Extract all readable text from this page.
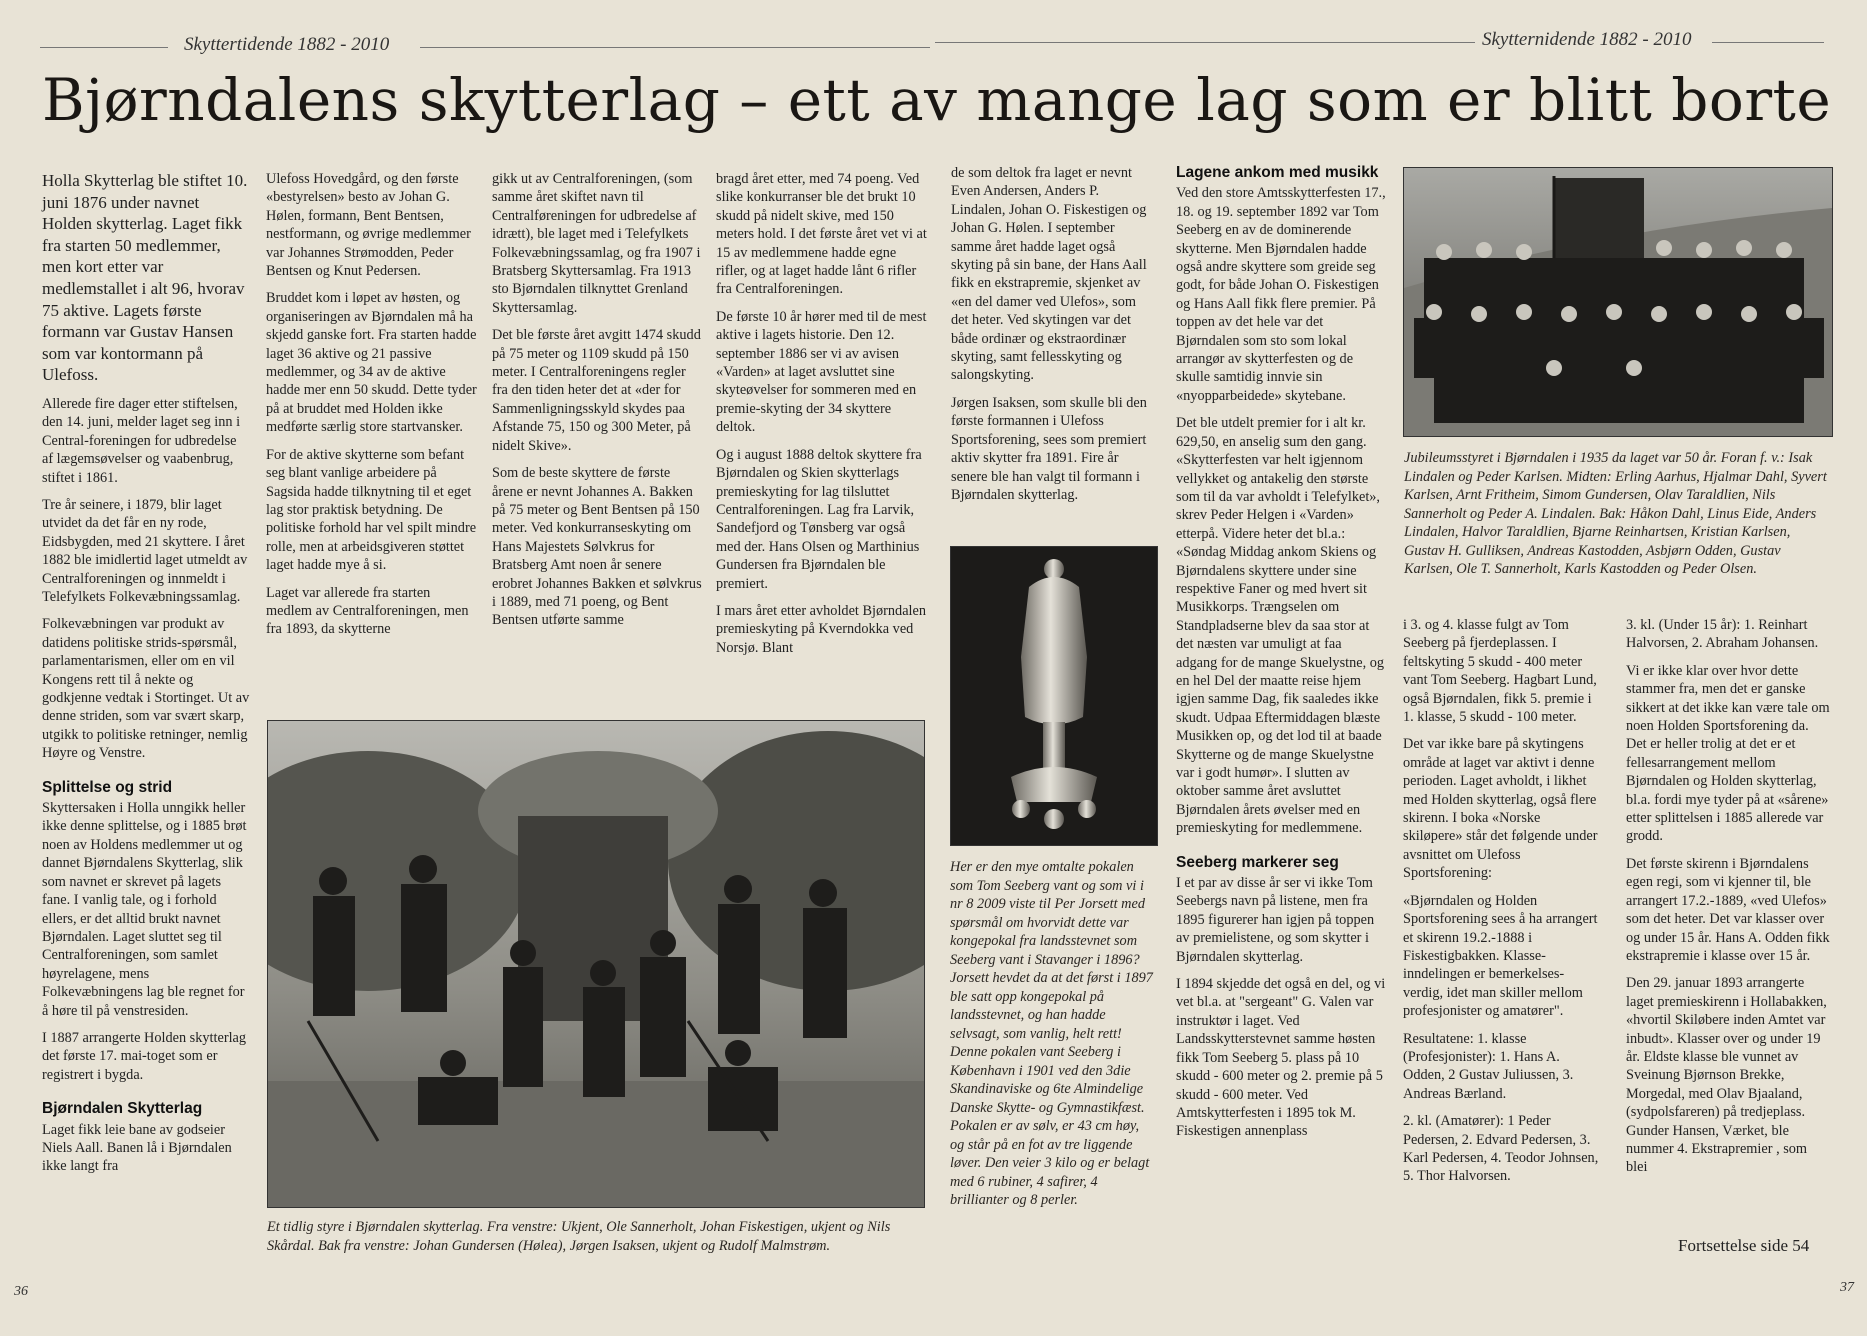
Skyttertidende 1882 - 2010	Skytternidende 1882 - 2010
Bjørndalens skytterlag – ett av mange lag som er blitt borte

Holla Skytterlag ble stiftet 10. juni 1876 under navnet Holden skytterlag. Laget fikk fra starten 50 medlemmer, men kort etter var medlemstallet i alt 96, hvorav 75 aktive. Lagets første formann var Gustav Hansen som var kontormann på Ulefoss.

Allerede fire dager etter stiftelsen, den 14. juni, melder laget seg inn i Central-foreningen for udbredelse af lægemsøvelser og vaabenbrug, stiftet i 1861.

Tre år seinere, i 1879, blir laget utvidet da det får en ny rode, Eidsbygden, med 21 skyttere. I året 1882 ble imidlertid laget utmeldt av Centralforeningen og innmeldt i Telefylkets Folkevæbningssamlag.

Folkevæbningen var produkt av datidens politiske strids-spørsmål, parlamentarismen, eller om en vil Kongens rett til å nekte og godkjenne vedtak i Stortinget. Ut av denne striden, som var svært skarp, utgikk to politiske retninger, nemlig Høyre og Venstre.

Splittelse og strid

Skyttersaken i Holla unngikk heller ikke denne splittelse, og i 1885 brøt noen av Holdens medlemmer ut og dannet Bjørndalens Skytterlag, slik som navnet er skrevet på lagets fane. I vanlig tale, og i forhold ellers, er det alltid brukt navnet Bjørndalen. Laget sluttet seg til Centralforeningen, som samlet høyrelagene, mens Folkevæbningens lag ble regnet for å høre til på venstresiden.

I 1887 arrangerte Holden skytterlag det første 17. mai-toget som er registrert i bygda.

Bjørndalen Skytterlag

Laget fikk leie bane av godseier Niels Aall. Banen lå i Bjørndalen ikke langt fra

Ulefoss Hovedgård, og den første «bestyrelsen» besto av Johan G. Hølen, formann, Bent Bentsen, nestformann, og øvrige medlemmer var Johannes Strømodden, Peder Bentsen og Knut Pedersen.

Bruddet kom i løpet av høsten, og organiseringen av Bjørndalen må ha skjedd ganske fort. Fra starten hadde laget 36 aktive og 21 passive medlemmer, og 34 av de aktive hadde mer enn 50 skudd. Dette tyder på at bruddet med Holden ikke medførte særlig store startvansker.

For de aktive skytterne som befant seg blant vanlige arbeidere på Sagsida hadde tilknytning til et eget lag stor praktisk betydning. De politiske forhold har vel spilt mindre rolle, men at arbeidsgiveren støttet laget hadde mye å si.

Laget var allerede fra starten medlem av Centralforeningen, men fra 1893, da skytterne

gikk ut av Centralforeningen, (som samme året skiftet navn til Centralføreningen for udbredelse af idrætt), ble laget med i Telefylkets Folkevæbningssamlag, og fra 1907 i Bratsberg Skyttersamlag. Fra 1913 sto Bjørndalen tilknyttet Grenland Skyttersamlag.

Det ble første året avgitt 1474 skudd på 75 meter og 1109 skudd på 150 meter. I Centralforeningens regler fra den tiden heter det at «der for Sammenligningsskyld skydes paa Afstande 75, 150 og 300 Meter, på nidelt Skive».

Som de beste skyttere de første årene er nevnt Johannes A. Bakken på 75 meter og Bent Bentsen på 150 meter. Ved konkurranseskyting om Hans Majestets Sølvkrus for Bratsberg Amt noen år senere erobret Johannes Bakken et sølvkrus i 1889, med 71 poeng, og Bent Bentsen utførte samme

bragd året etter, med 74 poeng. Ved slike konkurranser ble det brukt 10 skudd på nidelt skive, med 150 meters hold. I det første året vet vi at 15 av medlemmene hadde egne rifler, og at laget hadde lånt 6 rifler fra Centralforeningen.

De første 10 år hører med til de mest aktive i lagets historie. Den 12. september 1886 ser vi av avisen «Varden» at laget avsluttet sine skyteøvelser for sommeren med en premie-skyting der 34 skyttere deltok.

Og i august 1888 deltok skyttere fra Bjørndalen og Skien skytterlags premieskyting for lag tilsluttet Centralforeningen. Lag fra Larvik, Sandefjord og Tønsberg var også med der. Hans Olsen og Marthinius Gundersen fra Bjørndalen ble premiert.

I mars året etter avholdet Bjørndalen premieskyting på Kverndokka ved Norsjø. Blant

Et tidlig styre i Bjørndalen skytterlag. Fra venstre: Ukjent, Ole Sannerholt, Johan Fiskestigen, ukjent og Nils Skårdal. Bak fra venstre: Johan Gundersen (Hølea), Jørgen Isaksen, ukjent og Rudolf Malmstrøm.

de som deltok fra laget er nevnt Even Andersen, Anders P. Lindalen, Johan O. Fiskestigen og Johan G. Hølen. I september samme året hadde laget også skyting på sin bane, der Hans Aall fikk en ekstrapremie, skjenket av «en del damer ved Ulefos», som det heter. Ved skytingen var det både ordinær og ekstraordinær skyting, samt fellesskyting og salongskyting.

Jørgen Isaksen, som skulle bli den første formannen i Ulefoss Sportsforening, sees som premiert aktiv skytter fra 1891. Fire år senere ble han valgt til formann i Bjørndalen skytterlag.

Her er den mye omtalte pokalen som Tom Seeberg vant og som vi i nr 8 2009 viste til Per Jorsett med spørsmål om hvorvidt dette var kongepokal fra landsstevnet som Seeberg vant i Stavanger i 1896? Jorsett hevdet da at det først i 1897 ble satt opp kongepokal på landsstevnet, og han hadde selvsagt, som vanlig, helt rett! Denne pokalen vant Seeberg i København i 1901 ved den 3die Skandinaviske og 6te Almindelige Danske Skytte- og Gymnastikfæst. Pokalen er av sølv, er 43 cm høy, og står på en fot av tre liggende løver. Den veier 3 kilo og er belagt med 6 rubiner, 4 safirer, 4 brillianter og 8 perler.
Lagene ankom med musikk

Ved den store Amtsskytterfesten 17., 18. og 19. september 1892 var Tom Seeberg en av de dominerende skytterne. Men Bjørndalen hadde også andre skyttere som greide seg godt, for både Johan O. Fiskestigen og Hans Aall fikk flere premier. På toppen av det hele var det Bjørndalen som sto som lokal arrangør av skytterfesten og de skulle samtidig innvie sin «nyopparbeidede» skytebane.

Det ble utdelt premier for i alt kr. 629,50, en anselig sum den gang. «Skytterfesten var helt igjennom vellykket og antakelig den største som til da var avholdt i Telefylket», skrev Peder Helgen i «Varden» etterpå. Videre heter det bl.a.: «Søndag Middag ankom Skiens og Bjørndalens skyttere under sine respektive Faner og med hvert sit Musikkorps. Trængselen om Standpladserne blev da saa stor at det næsten var umuligt at faa adgang for de mange Skuelystne, og en hel Del der maatte reise hjem igjen samme Dag, fik saaledes ikke skudt. Udpaa Eftermiddagen blæste Musikken op, og det lod til at baade Skytterne og de mange Skuelystne var i godt humør». I slutten av oktober samme året avsluttet Bjørndalen årets øvelser med en premieskyting for medlemmene.

Seeberg markerer seg

I et par av disse år ser vi ikke Tom Seebergs navn på listene, men fra 1895 figurerer han igjen på toppen av premielistene, og som skytter i Bjørndalen skytterlag.

I 1894 skjedde det også en del, og vi vet bl.a. at "sergeant" G. Valen var instruktør i laget. Ved Landsskytterstevnet samme høsten fikk Tom Seeberg 5. plass på 10 skudd - 600 meter og 2. premie på 5 skudd - 600 meter. Ved Amtskytterfesten i 1895 tok M. Fiskestigen annenplass

Jubileumsstyret i Bjørndalen i 1935 da laget var 50 år. Foran f. v.: Isak Lindalen og Peder Karlsen. Midten: Erling Aarhus, Hjalmar Dahl, Syvert Karlsen, Arnt Fritheim, Simom Gundersen, Olav Taraldlien, Nils Sannerholt og Peder A. Lindalen. Bak: Håkon Dahl, Linus Eide, Anders Lindalen, Halvor Taraldlien, Bjarne Reinhartsen, Kristian Karlsen, Gustav H. Gulliksen, Andreas Kastodden, Asbjørn Odden, Gustav Karlsen, Ole T. Sannerholt, Karls Kastodden og Peder Olsen.

i 3. og 4. klasse fulgt av Tom Seeberg på fjerdeplassen. I feltskyting 5 skudd - 400 meter vant Tom Seeberg. Hagbart Lund, også Bjørndalen, fikk 5. premie i 1. klasse, 5 skudd - 100 meter.

Det var ikke bare på skytingens område at laget var aktivt i denne perioden. Laget avholdt, i likhet med Holden skytterlag, også flere skirenn. I boka «Norske skiløpere» står det følgende under avsnittet om Ulefoss Sportsforening:

«Bjørndalen og Holden Sportsforening sees å ha arrangert et skirenn 19.2.-1888 i Fiskestigbakken. Klasse-inndelingen er bemerkelses-verdig, idet man skiller mellom profesjonister og amatører".

Resultatene: 1. klasse (Profesjonister): 1. Hans A. Odden, 2 Gustav Juliussen, 3. Andreas Bærland.

2. kl. (Amatører): 1 Peder Pedersen, 2. Edvard Pedersen, 3. Karl Pedersen, 4. Teodor Johnsen, 5. Thor Halvorsen.

3. kl. (Under 15 år): 1. Reinhart Halvorsen, 2. Abraham Johansen.

Vi er ikke klar over hvor dette stammer fra, men det er ganske sikkert at det ikke kan være tale om noen Holden Sportsforening da. Det er heller trolig at det er et fellesarrangement mellom Bjørndalen og Holden skytterlag, bl.a. fordi mye tyder på at «sårene» etter splittelsen i 1885 allerede var grodd.

Det første skirenn i Bjørndalens egen regi, som vi kjenner til, ble arrangert 17.2.-1889, «ved Ulefos» som det heter. Det var klasser over og under 15 år. Hans A. Odden fikk ekstrapremie i klasse over 15 år.

Den 29. januar 1893 arrangerte laget premieskirenn i Hollabakken, «hvortil Skiløbere inden Amtet var inbudt». Klasser over og under 19 år. Eldste klasse ble vunnet av Sveinung Bjørnson Brekke, Morgedal, med Olav Bjaaland, (sydpolsfareren) på tredjeplass. Gunder Hansen, Værket, ble nummer 4. Ekstrapremier , som blei

Fortsettelse side 54
36	37
